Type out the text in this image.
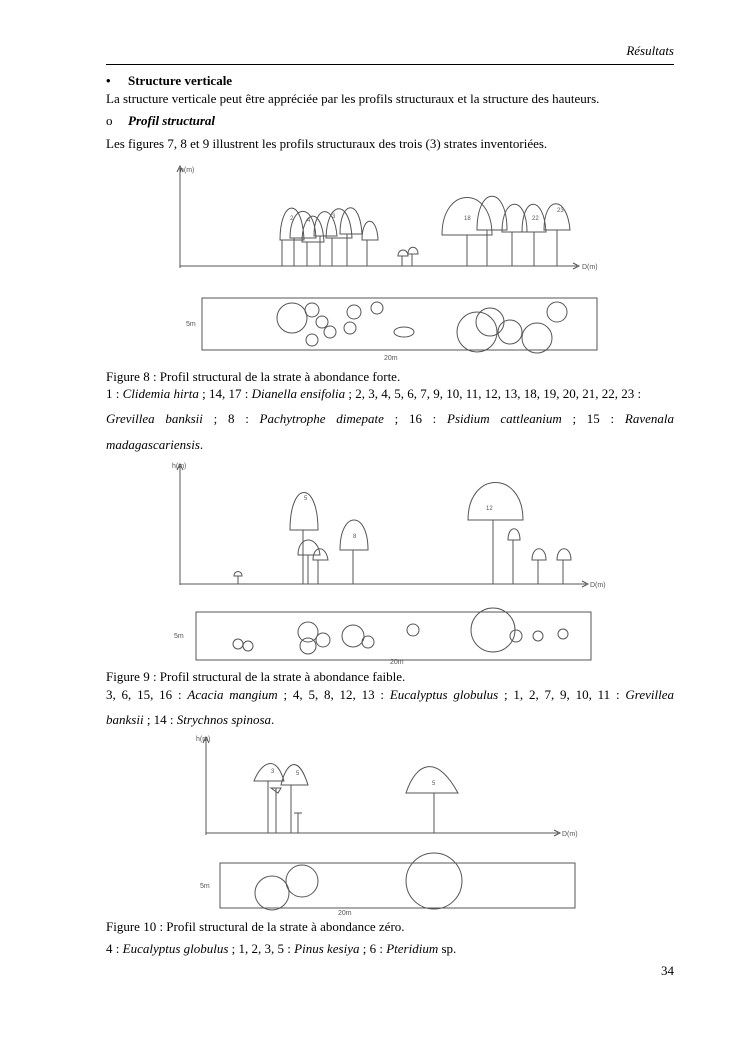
Résultats
• Structure verticale
La structure verticale peut être appréciée par les profils structuraux et la structure des hauteurs.
o Profil structural
Les figures 7, 8 et 9 illustrent les profils structuraux des trois (3) strates inventoriées.
h(m)
D(m)
2 4
3	18	22
23
5m
20m
Figure 8 : Profil structural de la strate à abondance forte.
1 : Clidemia hirta ; 14, 17 : Dianella ensifolia ; 2, 3, 4, 5, 6, 7, 9, 10, 11, 12, 13, 18, 19, 20, 21, 22, 23 :
Grevillea banksii ; 8 : Pachytrophe dimepate ; 16 : Psidium cattleanium ; 15 : Ravenala
madagascariensis.
h(m)
D(m)
5
12
8
5m
20m
Figure 9 : Profil structural de la strate à abondance faible.
3, 6, 15, 16 : Acacia mangium ; 4, 5, 8, 12, 13 : Eucalyptus globulus ; 1, 2, 7, 9, 10, 11 : Grevillea
banksii ; 14 : Strychnos spinosa.
h(m)
D(m)
3	5
5
5m
20m
Figure 10 : Profil structural de la strate à abondance zéro.
4 : Eucalyptus globulus ; 1, 2, 3, 5 : Pinus kesiya ; 6 : Pteridium sp.
34
